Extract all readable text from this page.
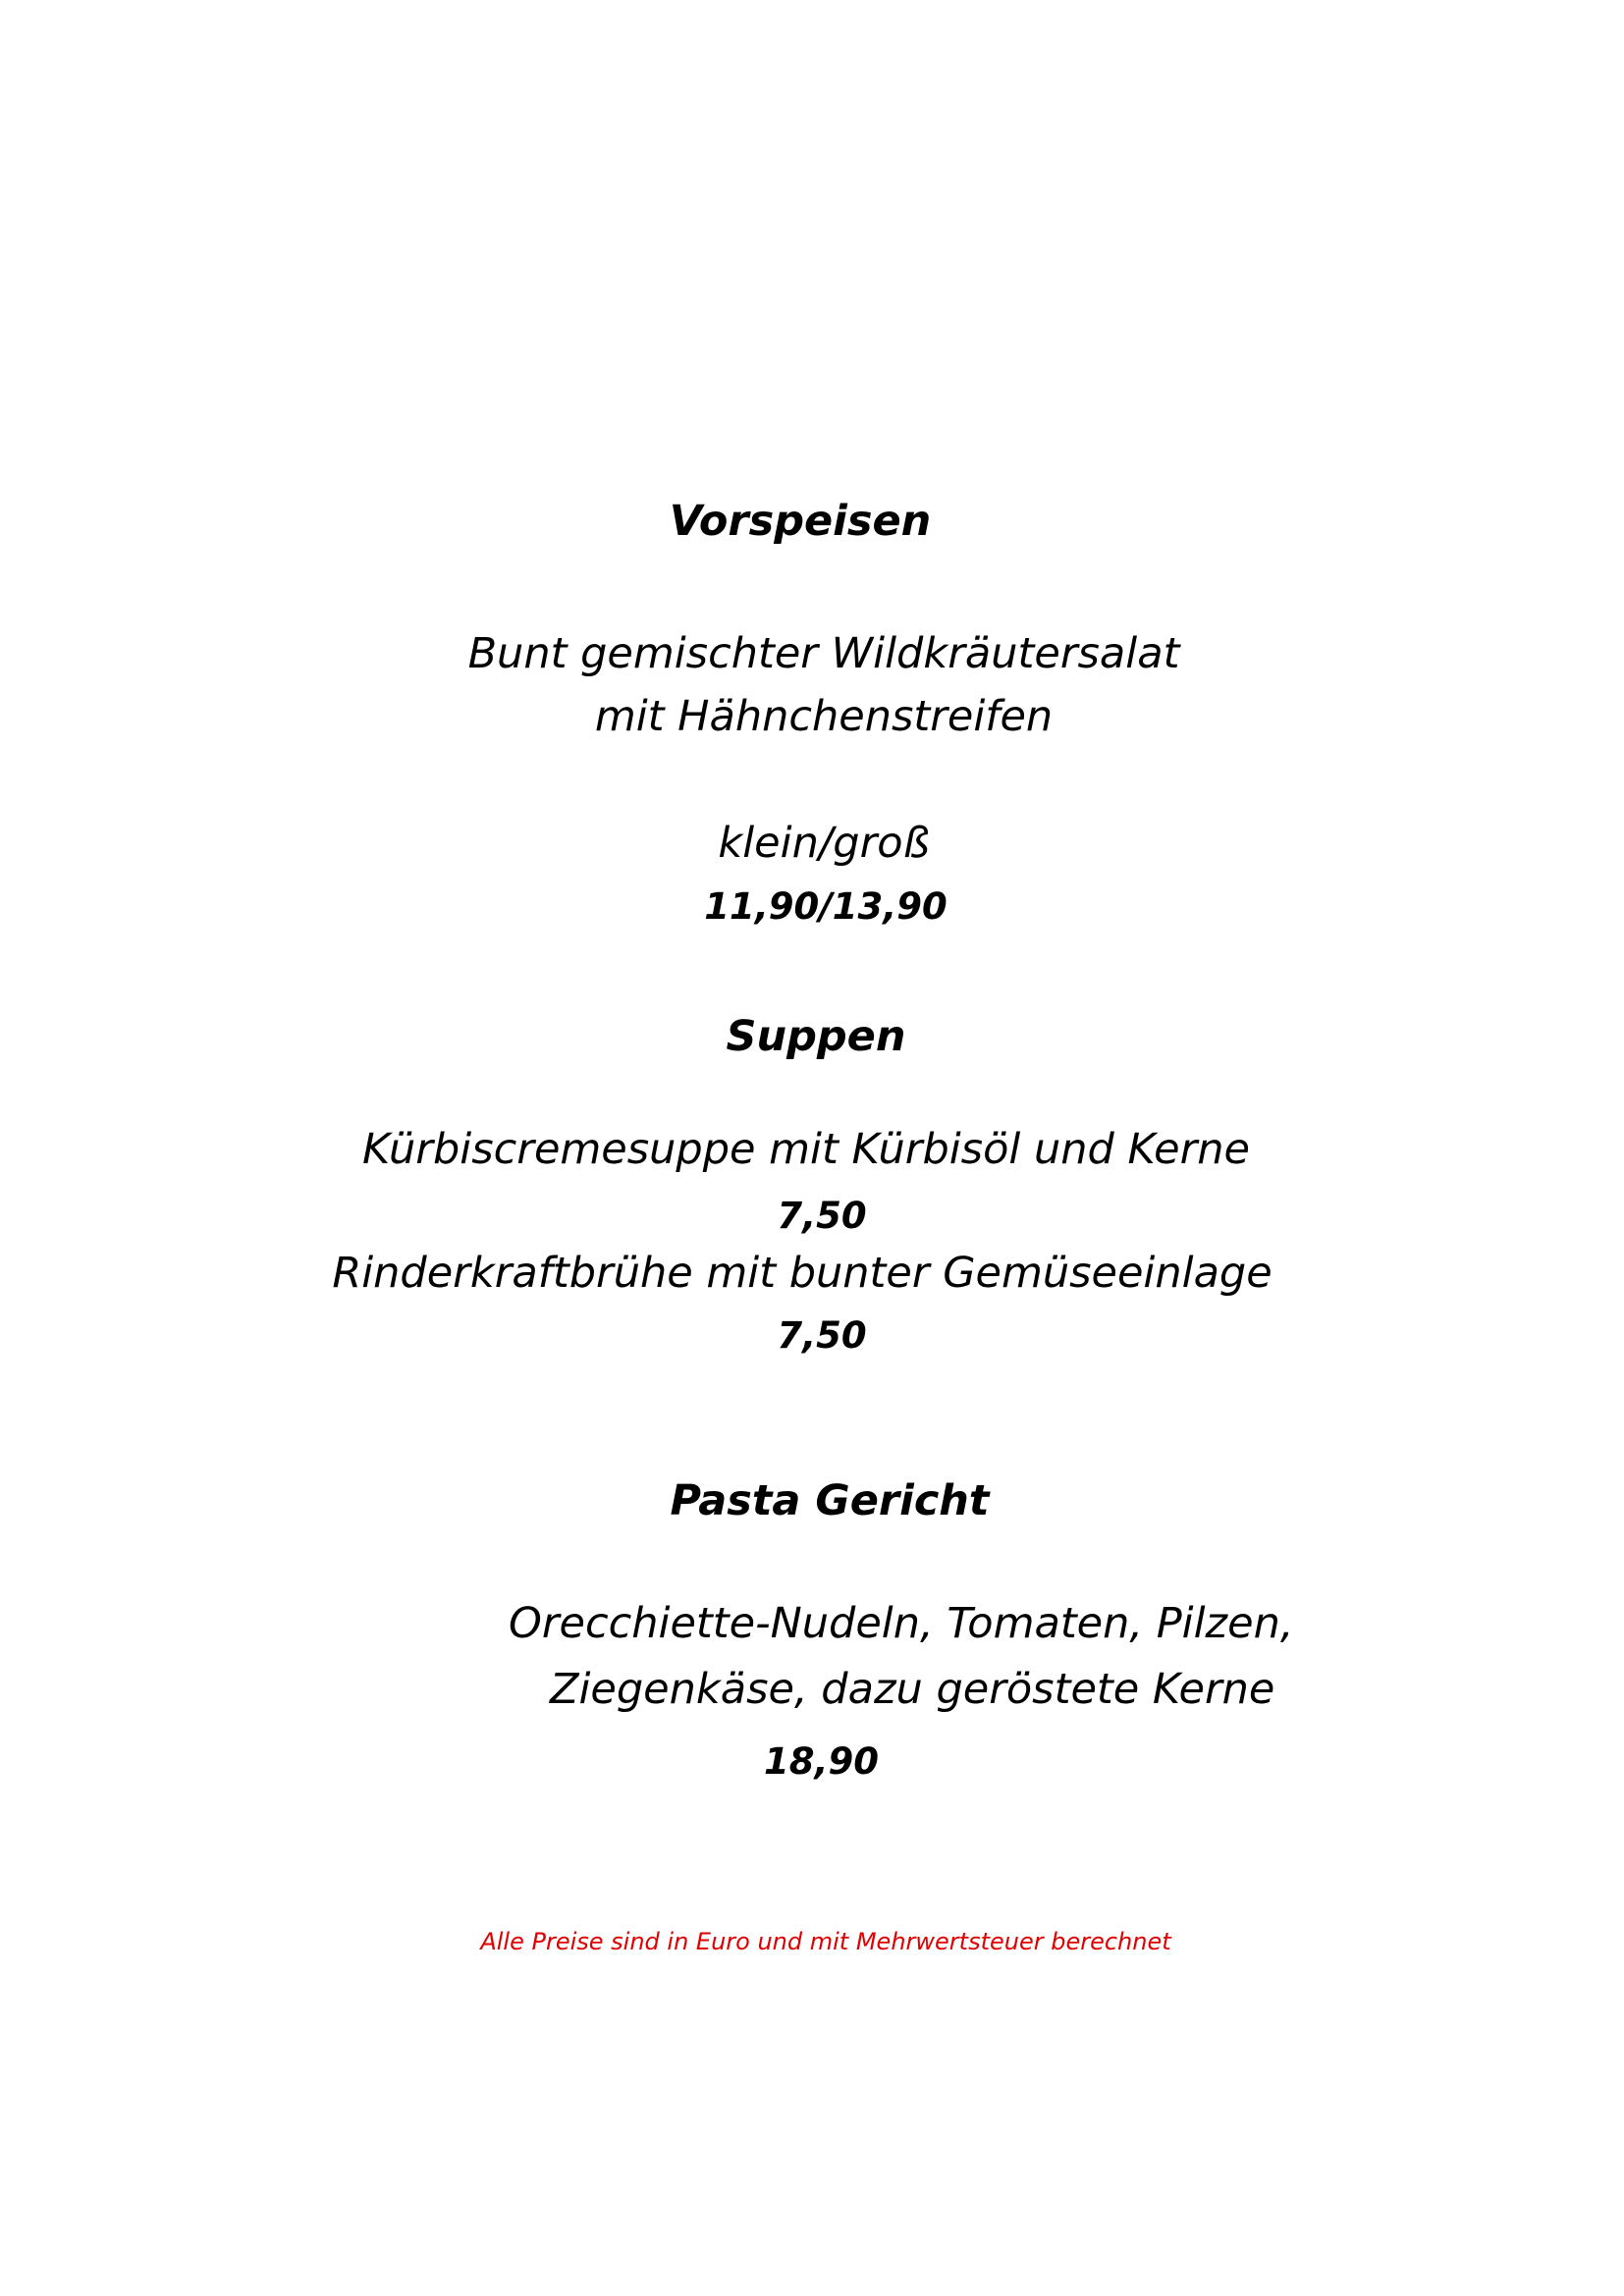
Vorspeisen
Bunt gemischter Wildkräutersalat
mit Hähnchenstreifen
klein/groß
11,90/13,90
Suppen
Kürbiscremesuppe mit Kürbisöl und Kerne
7,50
Rinderkraftbrühe mit bunter Gemüseeinlage
7,50
Pasta Gericht
Orecchiette-Nudeln, Tomaten, Pilzen,
Ziegenkäse, dazu geröstete Kerne
18,90
Alle Preise sind in Euro und mit Mehrwertsteuer berechnet
